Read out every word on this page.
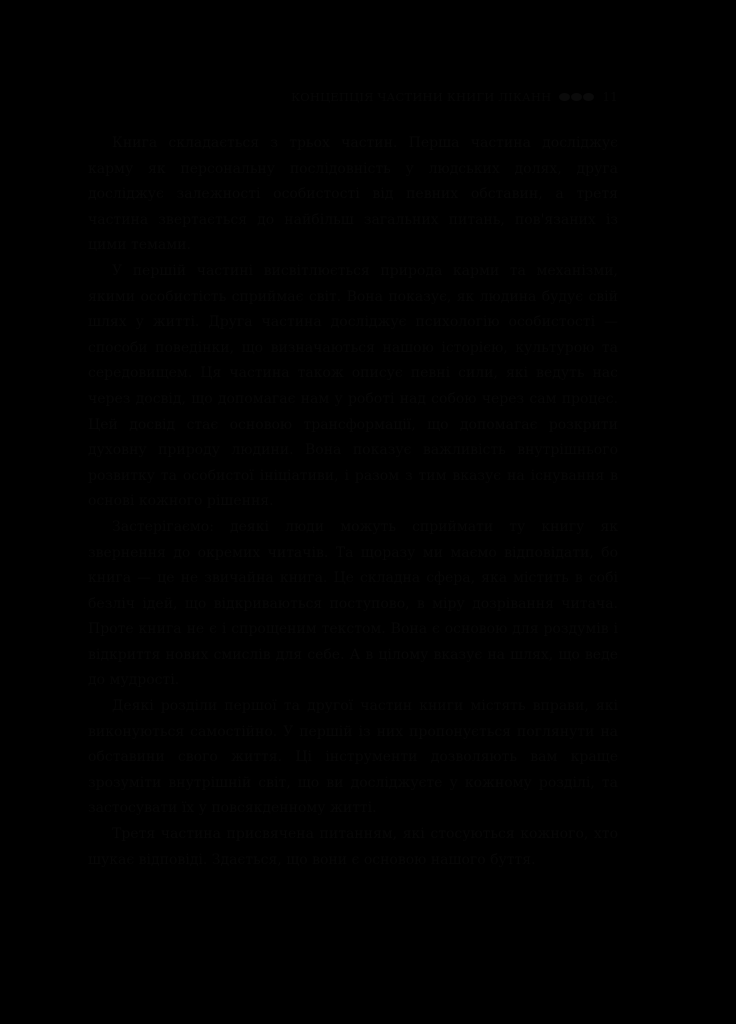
КОНЦЕПЦІЯ ЧАСТИНИ КНИГИ ЛІКАНН	11

Книга складається з трьох частин. Перша частина досліджує карму як персональну послідовність у людських долях, друга досліджує залежності особистості від певних обставин, а третя частина звертається до найбільш загальних питань, пов'язаних із цими темами.

У першій частині висвітлюється природа карми та механізми, якими особистість сприймає світ. Вона показує, як людина будує свій шлях у житті. Друга частина досліджує психологію особистості — способи поведінки, що визначаються нашою історією, культурою та середовищем. Ця частина також описує певні сили, які ведуть нас через досвід, що допомагає нам у роботі над собою через сам процес. Цей досвід стає основою трансформації, що допомагає розкрити духовну природу людини. Вона показує важливість внутрішнього розвитку та особистої ініціативи, і разом з тим вказує на існування в основі кожного рішення.

Застерігаємо: деякі люди можуть сприймати ту книгу як звернення до окремих читачів. Та щоразу ми маємо відповідати, бо книга — це не звичайна книга. Це складна сфера, яка містить в собі безліч ідей, що відкриваються поступово, в міру дозрівання читача. Проте книга не є і спрощеним текстом. Вона є основою для роздумів і відкриття нових смислів для себе. А в цілому вказує на шлях, що веде до мудрості.

Деякі розділи першої та другої частин книги містять вправи, які виконуються самостійно. У першій із них пропонується поглянути на обставини свого життя. Ці інструменти дозволяють вам краще зрозуміти внутрішній світ, що ви досліджуєте у кожному розділі, та застосувати їх у повсякденному житті.

Третя частина присвячена питанням, які стосуються кожного, хто шукає відповіді. Здається, що вони є основою нашого буття.
